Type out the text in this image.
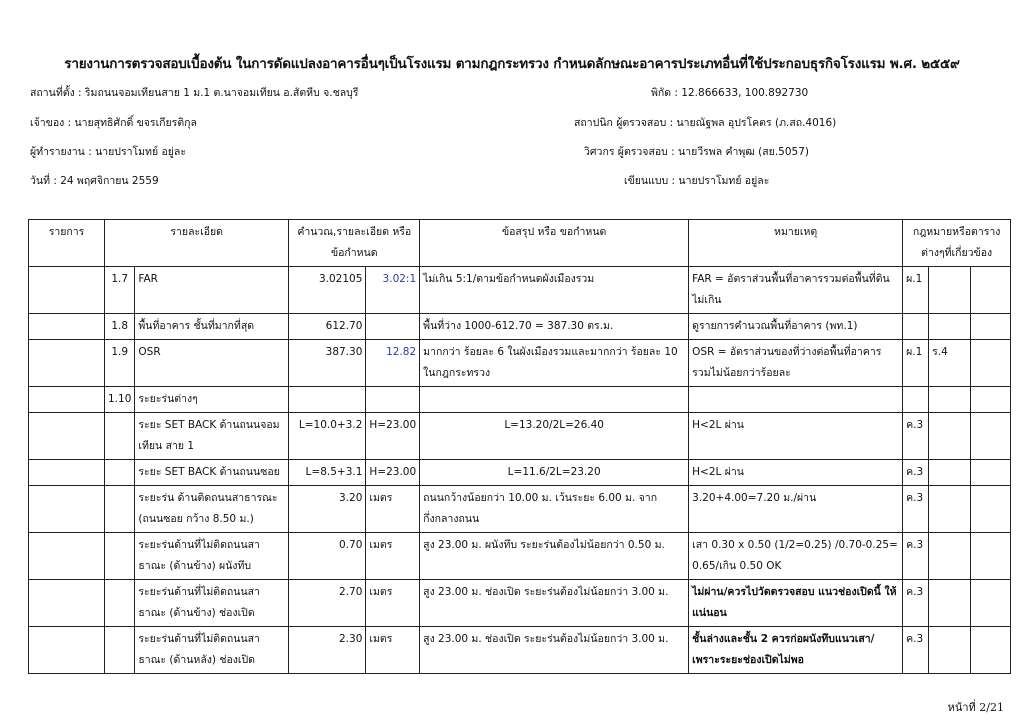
รายงานการตรวจสอบเบื้องต้น ในการดัดแปลงอาคารอื่นๆเป็นโรงแรม ตามกฎกระทรวง กำหนดลักษณะอาคารประเภทอื่นที่ใช้ประกอบธุรกิจโรงแรม พ.ศ. ๒๕๕๙
สถานที่ตั้ง : ริมถนนจอมเทียนสาย 1 ม.1 ต.นาจอมเทียน อ.สัตหีบ จ.ชลบุรี	พิกัด : 12.866633, 100.892730
เจ้าของ : นายสุทธิศักดิ์ ขจรเกียรติกุล	สถาปนิก ผู้ตรวจสอบ : นายณัฐพล อุปรโคตร (ภ.สถ.4016)
ผู้ทำรายงาน : นายปราโมทย์ อยู่ละ	วิศวกร ผู้ตรวจสอบ : นายวีรพล คำพุฒ (สย.5057)
วันที่ : 24 พฤศจิกายน 2559	เขียนแบบ : นายปราโมทย์ อยู่ละ
รายการ	รายละเอียด		คำนวณ,รายละเอียด หรือ ข้อกำหนด		ข้อสรุป หรือ ขอกำหนด	หมายเหตุ	กฎหมายหรือตาราง ต่างๆที่เกี่ยวข้อง		
	1.7	FAR	3.02105	3.02:1	ไม่เกิน 5:1/ตามข้อกำหนดผังเมืองรวม	FAR = อัตราส่วนพื้นที่อาคารรวมต่อพื้นที่ดินไม่เกิน	ผ.1		
	1.8	พื้นที่อาคาร ชั้นที่มากที่สุด	612.70		พื้นที่ว่าง 1000-612.70 = 387.30 ตร.ม.	ดูรายการคำนวณพื้นที่อาคาร (พท.1)			
	1.9	OSR	387.30	12.82	มากกว่า ร้อยละ 6 ในผังเมืองรวมและมากกว่า ร้อยละ 10 ในกฎกระทรวง	OSR = อัตราส่วนของที่ว่างต่อพื้นที่อาคารรวมไม่น้อยกว่าร้อยละ	ผ.1	ร.4	
	1.10	ระยะร่นต่างๆ							
		ระยะ SET BACK ด้านถนนจอมเทียน สาย 1	L=10.0+3.2	H=23.00	L=13.20/2L=26.40	H<2L ผ่าน	ค.3		
		ระยะ SET BACK ด้านถนนซอย	L=8.5+3.1	H=23.00	L=11.6/2L=23.20	H<2L ผ่าน	ค.3		
		ระยะร่น ด้านติดถนนสาธารณะ (ถนนซอย กว้าง 8.50 ม.)	3.20	เมตร	ถนนกว้างน้อยกว่า 10.00 ม. เว้นระยะ 6.00 ม. จากกึ่งกลางถนน	3.20+4.00=7.20 ม./ผ่าน	ค.3		
		ระยะร่นด้านที่ไม่ติดถนนสาธาณะ (ด้านข้าง) ผนังทึบ	0.70	เมตร	สูง 23.00 ม. ผนังทึบ ระยะร่นต้องไม่น้อยกว่า 0.50 ม.	เสา 0.30 x 0.50 (1/2=0.25) /0.70-0.25= 0.65/เกิน 0.50 OK	ค.3		
		ระยะร่นด้านที่ไม่ติดถนนสาธาณะ (ด้านข้าง) ช่องเปิด	2.70	เมตร	สูง 23.00 ม. ช่องเปิด ระยะร่นต้องไม่น้อยกว่า 3.00 ม.	ไม่ผ่าน/ควรไปวัดตรวจสอบ แนวช่องเปิดนี้ ให้แน่นอน	ค.3		
		ระยะร่นด้านที่ไม่ติดถนนสาธาณะ (ด้านหลัง) ช่องเปิด	2.30	เมตร	สูง 23.00 ม. ช่องเปิด ระยะร่นต้องไม่น้อยกว่า 3.00 ม.	ชั้นล่างและชั้น 2 ควรก่อผนังทึบแนวเสา/เพราะระยะช่องเปิดไม่พอ	ค.3		
หน้าที่ 2/21
